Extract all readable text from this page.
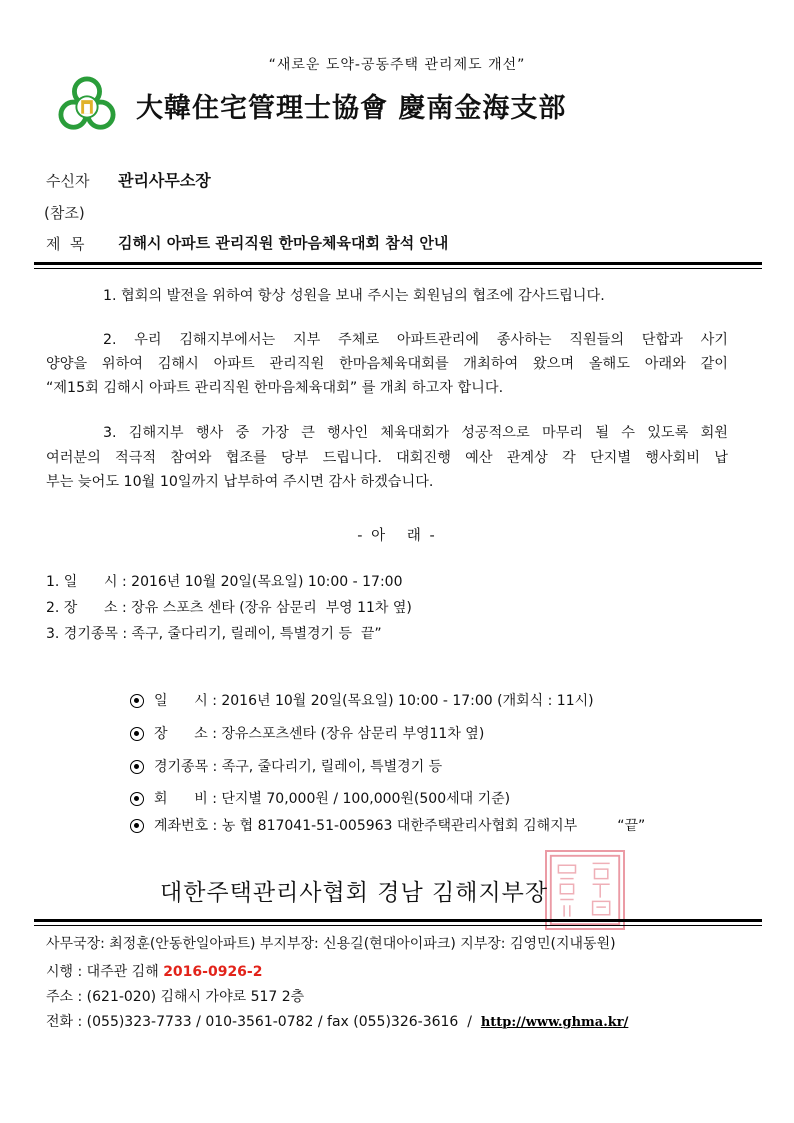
“새로운 도약-공동주택 관리제도 개선”
大韓住宅管理士協會 慶南金海支部
수신자 관리사무소장
(참조)
제  목 김해시 아파트 관리직원 한마음체육대회 참석 안내
1. 협회의 발전을 위하여 항상 성원을 보내 주시는 회원님의 협조에 감사드립니다.
2. 우리 김해지부에서는 지부 주체로 아파트관리에 종사하는 직원들의 단합과 사기
양양을 위하여 김해시 아파트 관리직원 한마음체육대회를 개최하여 왔으며 올해도 아래와 같이
“제15회 김해시 아파트 관리직원 한마음체육대회” 를 개최 하고자 합니다.
3. 김해지부 행사 중 가장 큰 행사인 체육대회가 성공적으로 마무리 될 수 있도록 회원
여러분의 적극적 참여와 협조를 당부 드립니다. 대회진행 예산 관계상 각 단지별 행사회비 납
부는 늦어도 10월 10일까지 납부하여 주시면 감사 하겠습니다.
- 아   래 -
1. 일      시 : 2016년 10월 20일(목요일) 10:00 - 17:00
2. 장      소 : 장유 스포츠 센타 (장유 삼문리  부영 11차 옆)
3. 경기종목 : 족구, 줄다리기, 릴레이, 특별경기 등  끝”
일      시 : 2016년 10월 20일(목요일) 10:00 - 17:00 (개회식 : 11시)
장      소 : 장유스포츠센타 (장유 삼문리 부영11차 옆)
경기종목 : 족구, 줄다리기, 릴레이, 특별경기 등
회      비 : 단지별 70,000원 / 100,000원(500세대 기준)
계좌번호 : 농 협 817041-51-005963 대한주택관리사협회 김해지부         “끝”
대한주택관리사협회 경남 김해지부장
사무국장: 최정훈(안동한일아파트) 부지부장: 신용길(현대아이파크) 지부장: 김영민(지내동원)
시행 : 대주관 김해 2016-0926-2
주소 : (621-020) 김해시 가야로 517 2층
전화 : (055)323-7733 / 010-3561-0782 / fax (055)326-3616  /  http://www.ghma.kr/
